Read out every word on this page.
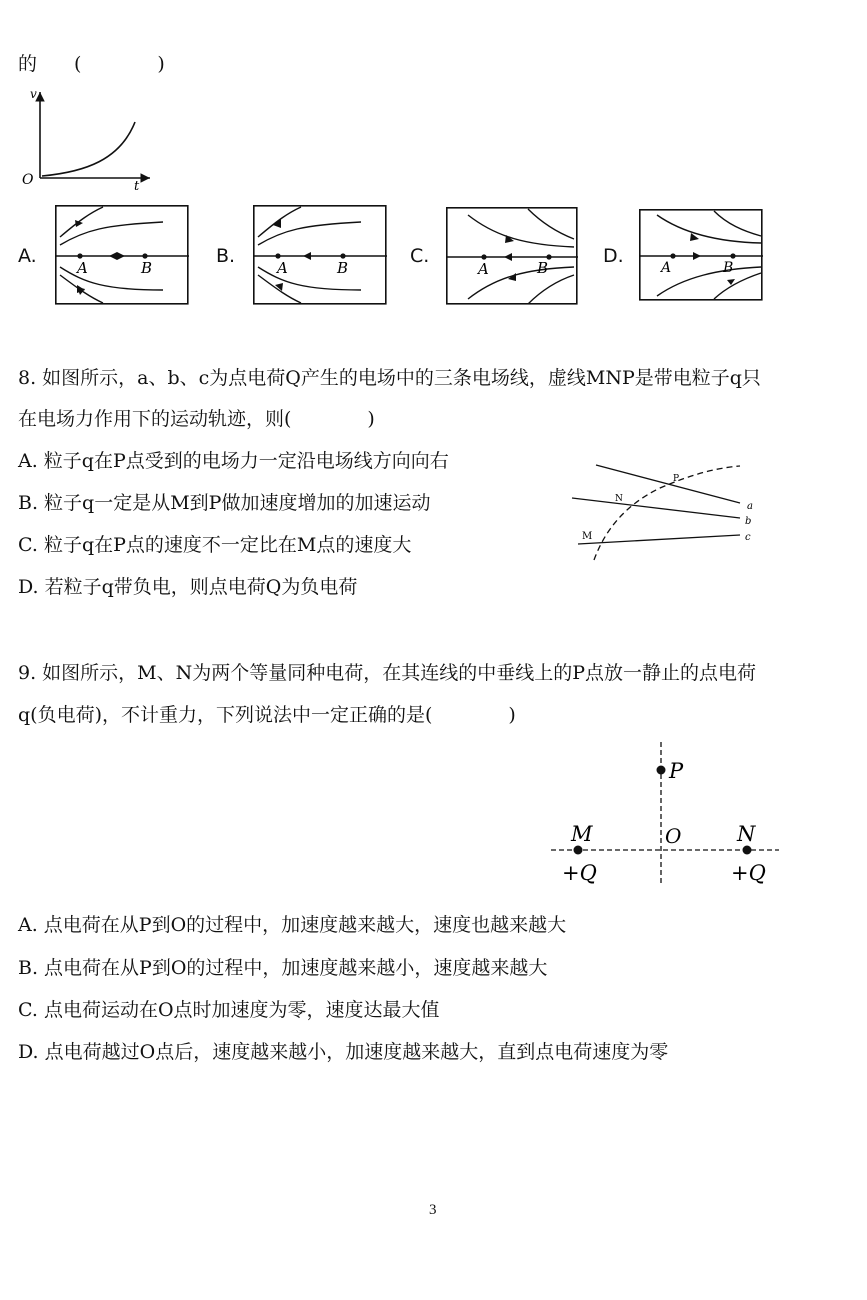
的 (　　　　)
v
O	t
A.	B.	C.	D.
A	B	A	B	A	B	A	B
8. 如图所示，a、b、c为点电荷Q产生的电场中的三条电场线，虚线MNP是带电粒子q只
在电场力作用下的运动轨迹，则(　　　　)
A. 粒子q在P点受到的电场力一定沿电场线方向向右
B. 粒子q一定是从M到P做加速度增加的加速运动
C. 粒子q在P点的速度不一定比在M点的速度大
D. 若粒子q带负电，则点电荷Q为负电荷
P
N
M
a
b
c
9. 如图所示，M、N为两个等量同种电荷，在其连线的中垂线上的P点放一静止的点电荷
q(负电荷)，不计重力，下列说法中一定正确的是(　　　　)
P
M	N
O
+Q	+Q
A. 点电荷在从P到O的过程中，加速度越来越大，速度也越来越大
B. 点电荷在从P到O的过程中，加速度越来越小，速度越来越大
C. 点电荷运动在O点时加速度为零，速度达最大值
D. 点电荷越过O点后，速度越来越小，加速度越来越大，直到点电荷速度为零
3
